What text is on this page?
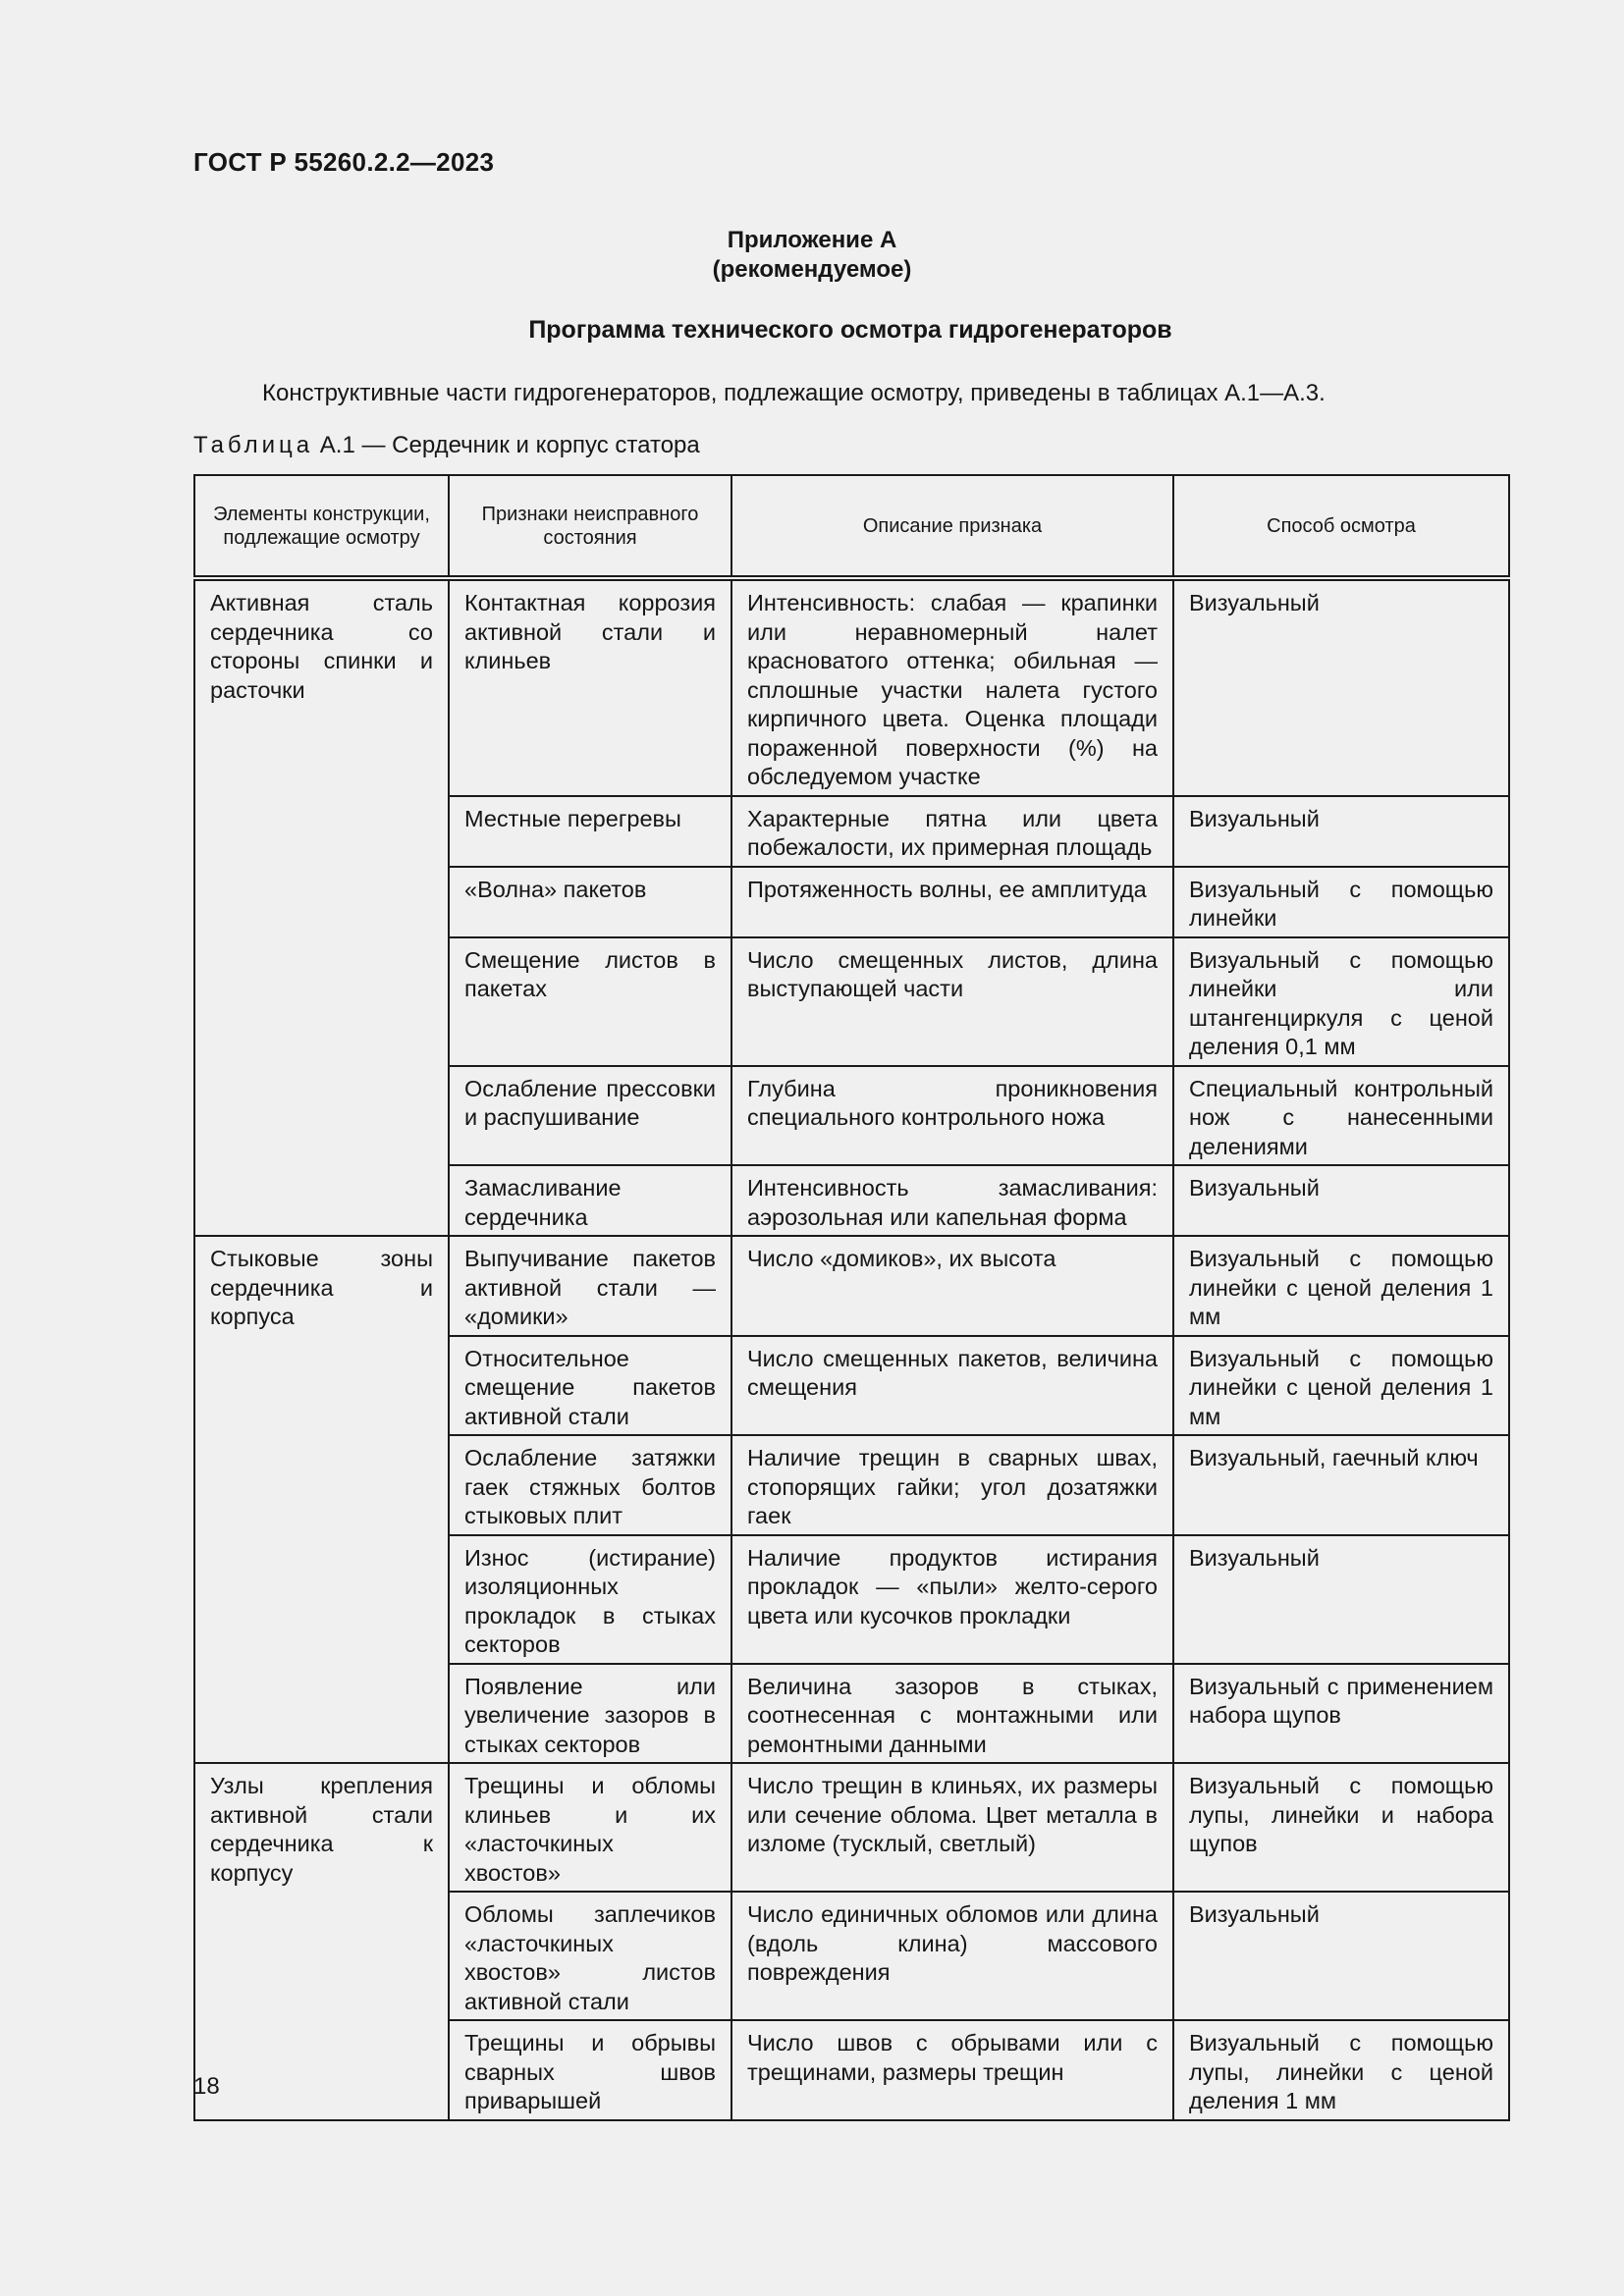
ГОСТ Р 55260.2.2—2023
Приложение А
(рекомендуемое)
Программа технического осмотра гидрогенераторов
Конструктивные части гидрогенераторов, подлежащие осмотру, приведены в таблицах А.1—А.3.
Таблица А.1 — Сердечник и корпус статора
Элементы конструкции, подлежащие осмотру	Признаки неисправного состояния	Описание признака	Способ осмотра
Активная сталь сердечника со стороны спинки и расточки	Контактная коррозия активной стали и клиньев	Интенсивность: слабая — крапинки или неравномерный налет красноватого оттенка; обильная — сплошные участки налета густого кирпичного цвета. Оценка площади пораженной поверхности (%) на обследуемом участке	Визуальный
	Местные перегревы	Характерные пятна или цвета побежалости, их примерная площадь	Визуальный
	«Волна» пакетов	Протяженность волны, ее амплитуда	Визуальный с помощью линейки
	Смещение листов в пакетах	Число смещенных листов, длина выступающей части	Визуальный с помощью линейки или штангенциркуля с ценой деления 0,1 мм
	Ослабление прессовки и распушивание	Глубина проникновения специального контрольного ножа	Специальный контрольный нож с нанесенными делениями
	Замасливание сердечника	Интенсивность замасливания: аэрозольная или капельная форма	Визуальный
Стыковые зоны сердечника и корпуса	Выпучивание пакетов активной стали — «домики»	Число «домиков», их высота	Визуальный с помощью линейки с ценой деления 1 мм
	Относительное смещение пакетов активной стали	Число смещенных пакетов, величина смещения	Визуальный с помощью линейки с ценой деления 1 мм
	Ослабление затяжки гаек стяжных болтов стыковых плит	Наличие трещин в сварных швах, стопорящих гайки; угол дозатяжки гаек	Визуальный, гаечный ключ
	Износ (истирание) изоляционных прокладок в стыках секторов	Наличие продуктов истирания прокладок — «пыли» желто-серого цвета или кусочков прокладки	Визуальный
	Появление или увеличение зазоров в стыках секторов	Величина зазоров в стыках, соотнесенная с монтажными или ремонтными данными	Визуальный с применением набора щупов
Узлы крепления активной стали сердечника к корпусу	Трещины и обломы клиньев и их «ласточкиных хвостов»	Число трещин в клиньях, их размеры или сечение облома. Цвет металла в изломе (тусклый, светлый)	Визуальный с помощью лупы, линейки и набора щупов
	Обломы заплечиков «ласточкиных хвостов» листов активной стали	Число единичных обломов или длина (вдоль клина) массового повреждения	Визуальный
	Трещины и обрывы сварных швов приварышей	Число швов с обрывами или с трещинами, размеры трещин	Визуальный с помощью лупы, линейки с ценой деления 1 мм
18
